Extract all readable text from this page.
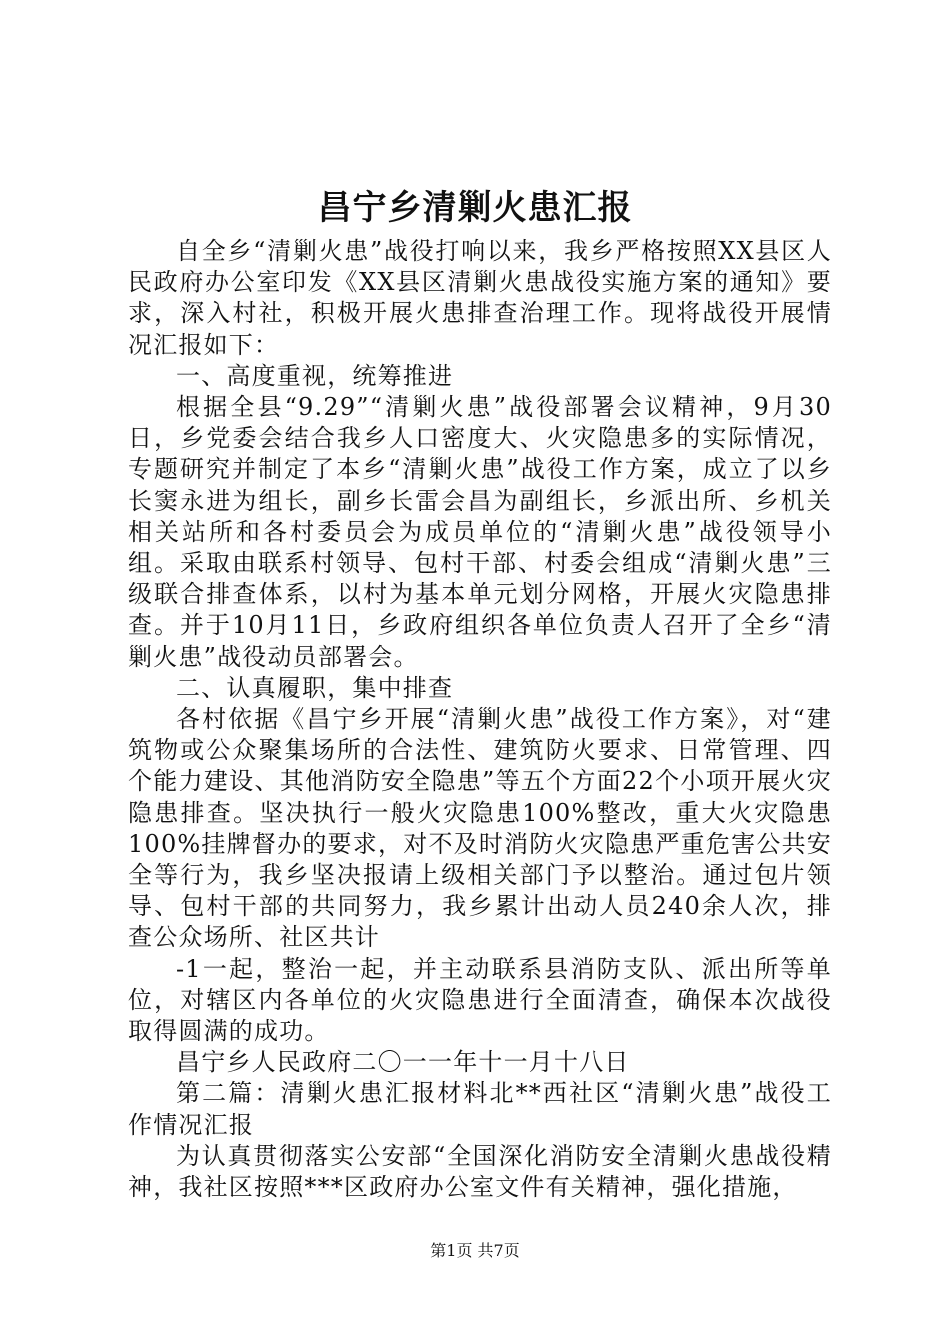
昌宁乡清剿火患汇报

自全乡“清剿火患”战役打响以来，我乡严格按照XX县区人民政府办公室印发《XX县区清剿火患战役实施方案的通知》要求，深入村社，积极开展火患排查治理工作。现将战役开展情况汇报如下：

一、高度重视，统筹推进

根据全县“9.29”“清剿火患”战役部署会议精神，9月30日，乡党委会结合我乡人口密度大、火灾隐患多的实际情况，专题研究并制定了本乡“清剿火患”战役工作方案，成立了以乡长窦永进为组长，副乡长雷会昌为副组长，乡派出所、乡机关相关站所和各村委员会为成员单位的“清剿火患”战役领导小组。采取由联系村领导、包村干部、村委会组成“清剿火患”三级联合排查体系，以村为基本单元划分网格，开展火灾隐患排查。并于10月11日，乡政府组织各单位负责人召开了全乡“清剿火患”战役动员部署会。

二、认真履职，集中排查

各村依据《昌宁乡开展“清剿火患”战役工作方案》，对“建筑物或公众聚集场所的合法性、建筑防火要求、日常管理、四个能力建设、其他消防安全隐患”等五个方面22个小项开展火灾隐患排查。坚决执行一般火灾隐患100%整改，重大火灾隐患100%挂牌督办的要求，对不及时消防火灾隐患严重危害公共安全等行为，我乡坚决报请上级相关部门予以整治。通过包片领导、包村干部的共同努力，我乡累计出动人员240余人次，排查公众场所、社区共计

-1一起，整治一起，并主动联系县消防支队、派出所等单位，对辖区内各单位的火灾隐患进行全面清查，确保本次战役取得圆满的成功。

昌宁乡人民政府二〇一一年十一月十八日

第二篇：清剿火患汇报材料北**西社区“清剿火患”战役工作情况汇报

为认真贯彻落实公安部“全国深化消防安全清剿火患战役精神，我社区按照***区政府办公室文件有关精神，强化措施，

第1页 共7页
